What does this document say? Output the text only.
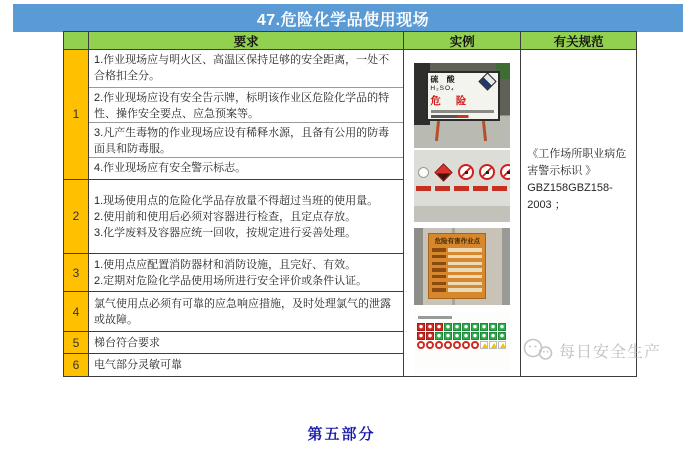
47.危险化学品使用现场
要求	实例	有关规范
1
2
3
4
5
6
1.作业现场应与明火区、高温区保持足够的安全距离，一处不合格扣全分。
2.作业现场应设有安全告示牌，标明该作业区危险化学品的特性、操作安全要点、应急预案等。
3.凡产生毒物的作业现场应设有稀释水源，且备有公用的防毒面具和防毒服。
4.作业现场应有安全警示标志。
1.现场使用点的危险化学品存放量不得超过当班的使用量。
2.使用前和使用后必须对容器进行检查，且定点存放。
3.化学废料及容器应统一回收，按规定进行妥善处理。
1.使用点应配置消防器材和消防设施，且完好、有效。
2.定期对危险化学品使用场所进行安全评价或条件认证。
氯气使用点必须有可靠的应急响应措施，及时处理氯气的泄露或故障。
梯台符合要求
电气部分灵敏可靠
硫 酸
H₂SO₄
危 险
危险有害作业点
《工作场所职业病危害警示标识 》GBZ158GBZ158-2003 ；
每日安全生产
第五部分
